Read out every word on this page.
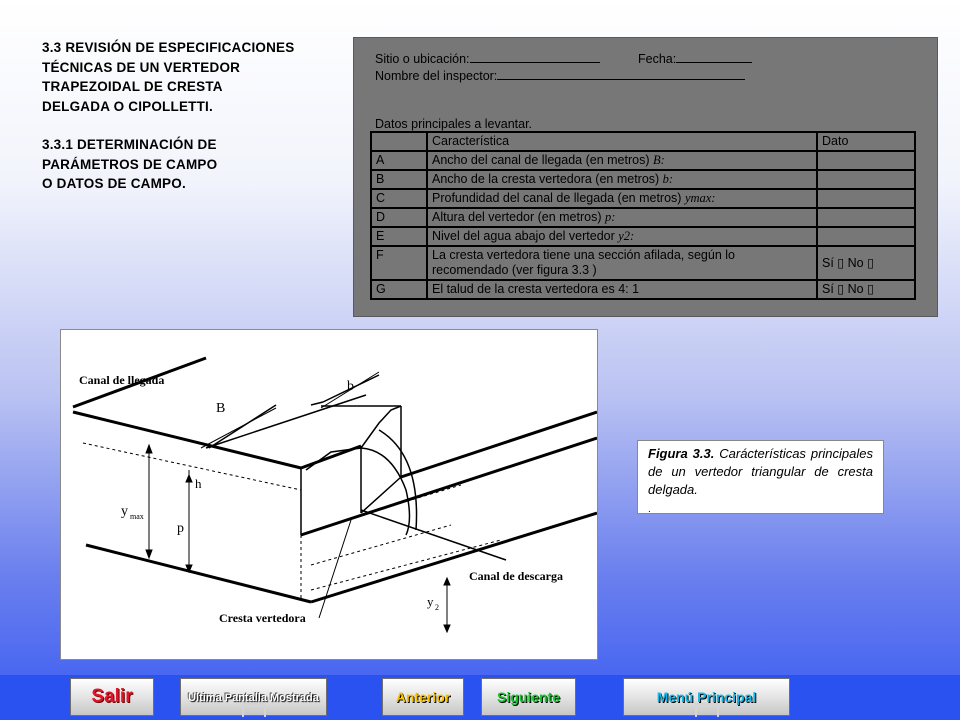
3.3 REVISIÓN DE ESPECIFICACIONES
TÉCNICAS DE UN VERTEDOR
TRAPEZOIDAL DE CRESTA
DELGADA O CIPOLLETTI.
3.3.1 DETERMINACIÓN DE
PARÁMETROS DE CAMPO
O DATOS DE CAMPO.
Sitio o ubicación:	Fecha:
Nombre del inspector:
Datos principales a levantar.
	Característica	Dato
A	Ancho del canal de llegada (en metros) B:	
B	Ancho de la cresta vertedora (en metros) b:	
C	Profundidad del canal de llegada (en metros) ymax:	
D	Altura del vertedor (en metros) p:	
E	Nivel del agua abajo del vertedor y2:	
F	La cresta vertedora tiene una sección afilada, según lo
recomendado (ver figura 3.3 )	Sí ▯ No ▯
G	El talud de la cresta vertedora es 4: 1	Sí ▯ No ▯
Canal de llegada
B
b
h
p
y max
Canal de descarga
y 2
Cresta vertedora
Figura 3.3. Carácterísticas principales de un vertedor triangular de cresta delgada.
.
Salir	Ultima Pantalla Mostrada	Anterior	Siguiente	Menú Principal
